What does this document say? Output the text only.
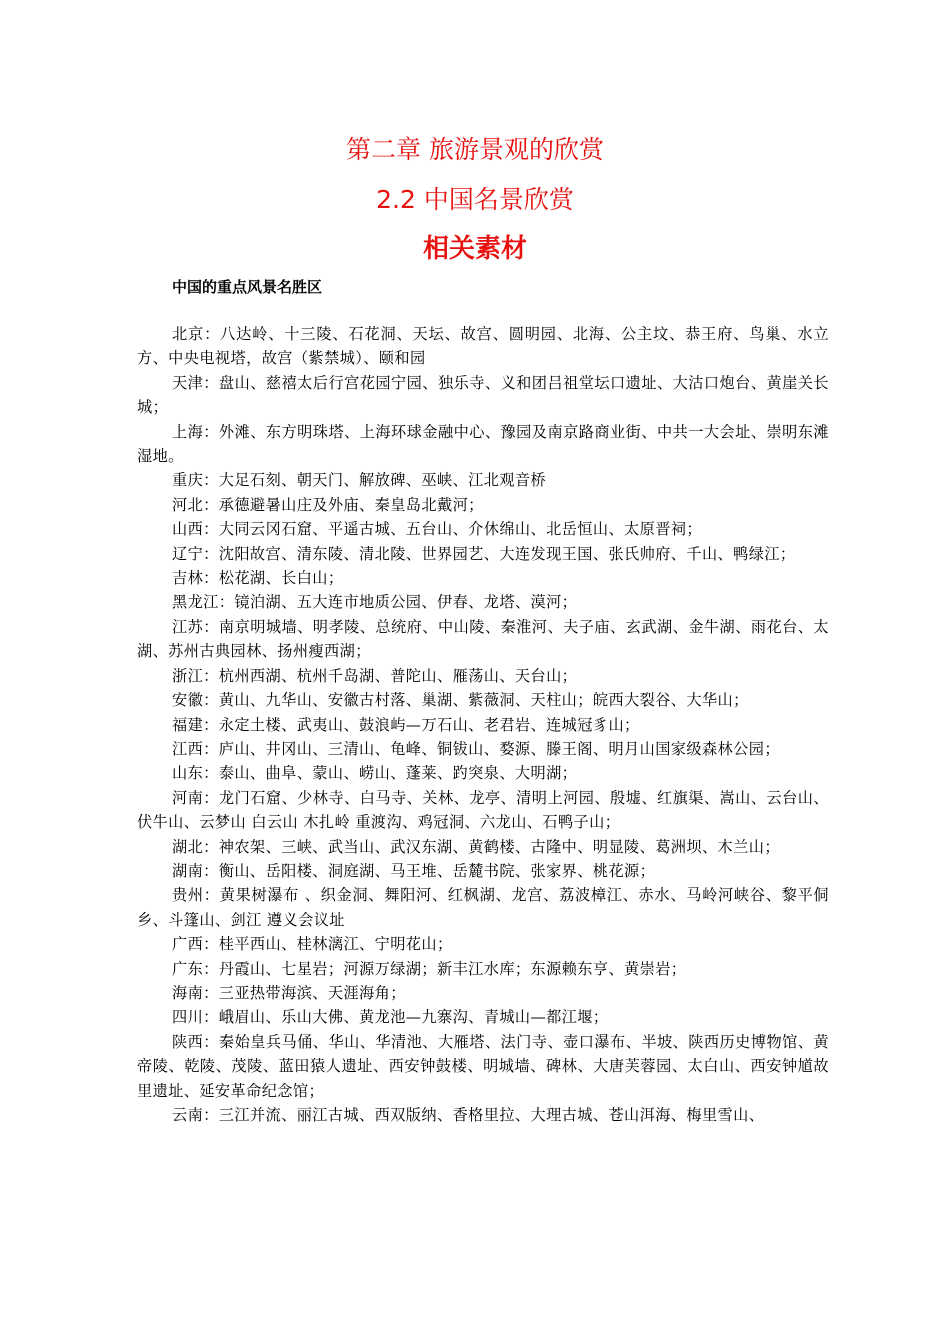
第二章 旅游景观的欣赏
2.2 中国名景欣赏
相关素材
中国的重点风景名胜区
北京：八达岭、十三陵、石花洞、天坛、故宫、圆明园、北海、公主坟、恭王府、鸟巢、水立方、中央电视塔，故宫（紫禁城）、颐和园
天津：盘山、慈禧太后行宫花园宁园、独乐寺、义和团吕祖堂坛口遗址、大沽口炮台、黄崖关长城；
上海：外滩、东方明珠塔、上海环球金融中心、豫园及南京路商业街、中共一大会址、崇明东滩湿地。
重庆：大足石刻、朝天门、解放碑、巫峡、江北观音桥
河北：承德避暑山庄及外庙、秦皇岛北戴河；
山西：大同云冈石窟、平遥古城、五台山、介休绵山、北岳恒山、太原晋祠；
辽宁：沈阳故宫、清东陵、清北陵、世界园艺、大连发现王国、张氏帅府、千山、鸭绿江；
吉林：松花湖、长白山；
黑龙江：镜泊湖、五大连市地质公园、伊春、龙塔、漠河；
江苏：南京明城墙、明孝陵、总统府、中山陵、秦淮河、夫子庙、玄武湖、金牛湖、雨花台、太湖、苏州古典园林、扬州瘦西湖；
浙江：杭州西湖、杭州千岛湖、普陀山、雁荡山、天台山；
安徽：黄山、九华山、安徽古村落、巢湖、紫薇洞、天柱山；皖西大裂谷、大华山；
福建：永定土楼、武夷山、鼓浪屿—万石山、老君岩、连城冠豸山；
江西：庐山、井冈山、三清山、龟峰、铜钹山、婺源、滕王阁、明月山国家级森林公园；
山东：泰山、曲阜、蒙山、崂山、蓬莱、趵突泉、大明湖；
河南：龙门石窟、少林寺、白马寺、关林、龙亭、清明上河园、殷墟、红旗渠、嵩山、云台山、伏牛山、云梦山 白云山 木扎岭 重渡沟、鸡冠洞、六龙山、石鸭子山；
湖北：神农架、三峡、武当山、武汉东湖、黄鹤楼、古隆中、明显陵、葛洲坝、木兰山；
湖南：衡山、岳阳楼、洞庭湖、马王堆、岳麓书院、张家界、桃花源；
贵州：黄果树瀑布 、织金洞、舞阳河、红枫湖、龙宫、荔波樟江、赤水、马岭河峡谷、黎平侗乡、斗篷山、剑江 遵义会议址
广西：桂平西山、桂林漓江、宁明花山；
广东：丹霞山、七星岩；河源万绿湖；新丰江水库；东源赖东亨、黄崇岩；
海南：三亚热带海滨、天涯海角；
四川：峨眉山、乐山大佛、黄龙池—九寨沟、青城山—都江堰；
陕西：秦始皇兵马俑、华山、华清池、大雁塔、法门寺、壶口瀑布、半坡、陕西历史博物馆、黄帝陵、乾陵、茂陵、蓝田猿人遗址、西安钟鼓楼、明城墙、碑林、大唐芙蓉园、太白山、西安钟馗故里遗址、延安革命纪念馆；
云南：三江并流、丽江古城、西双版纳、香格里拉、大理古城、苍山洱海、梅里雪山、
